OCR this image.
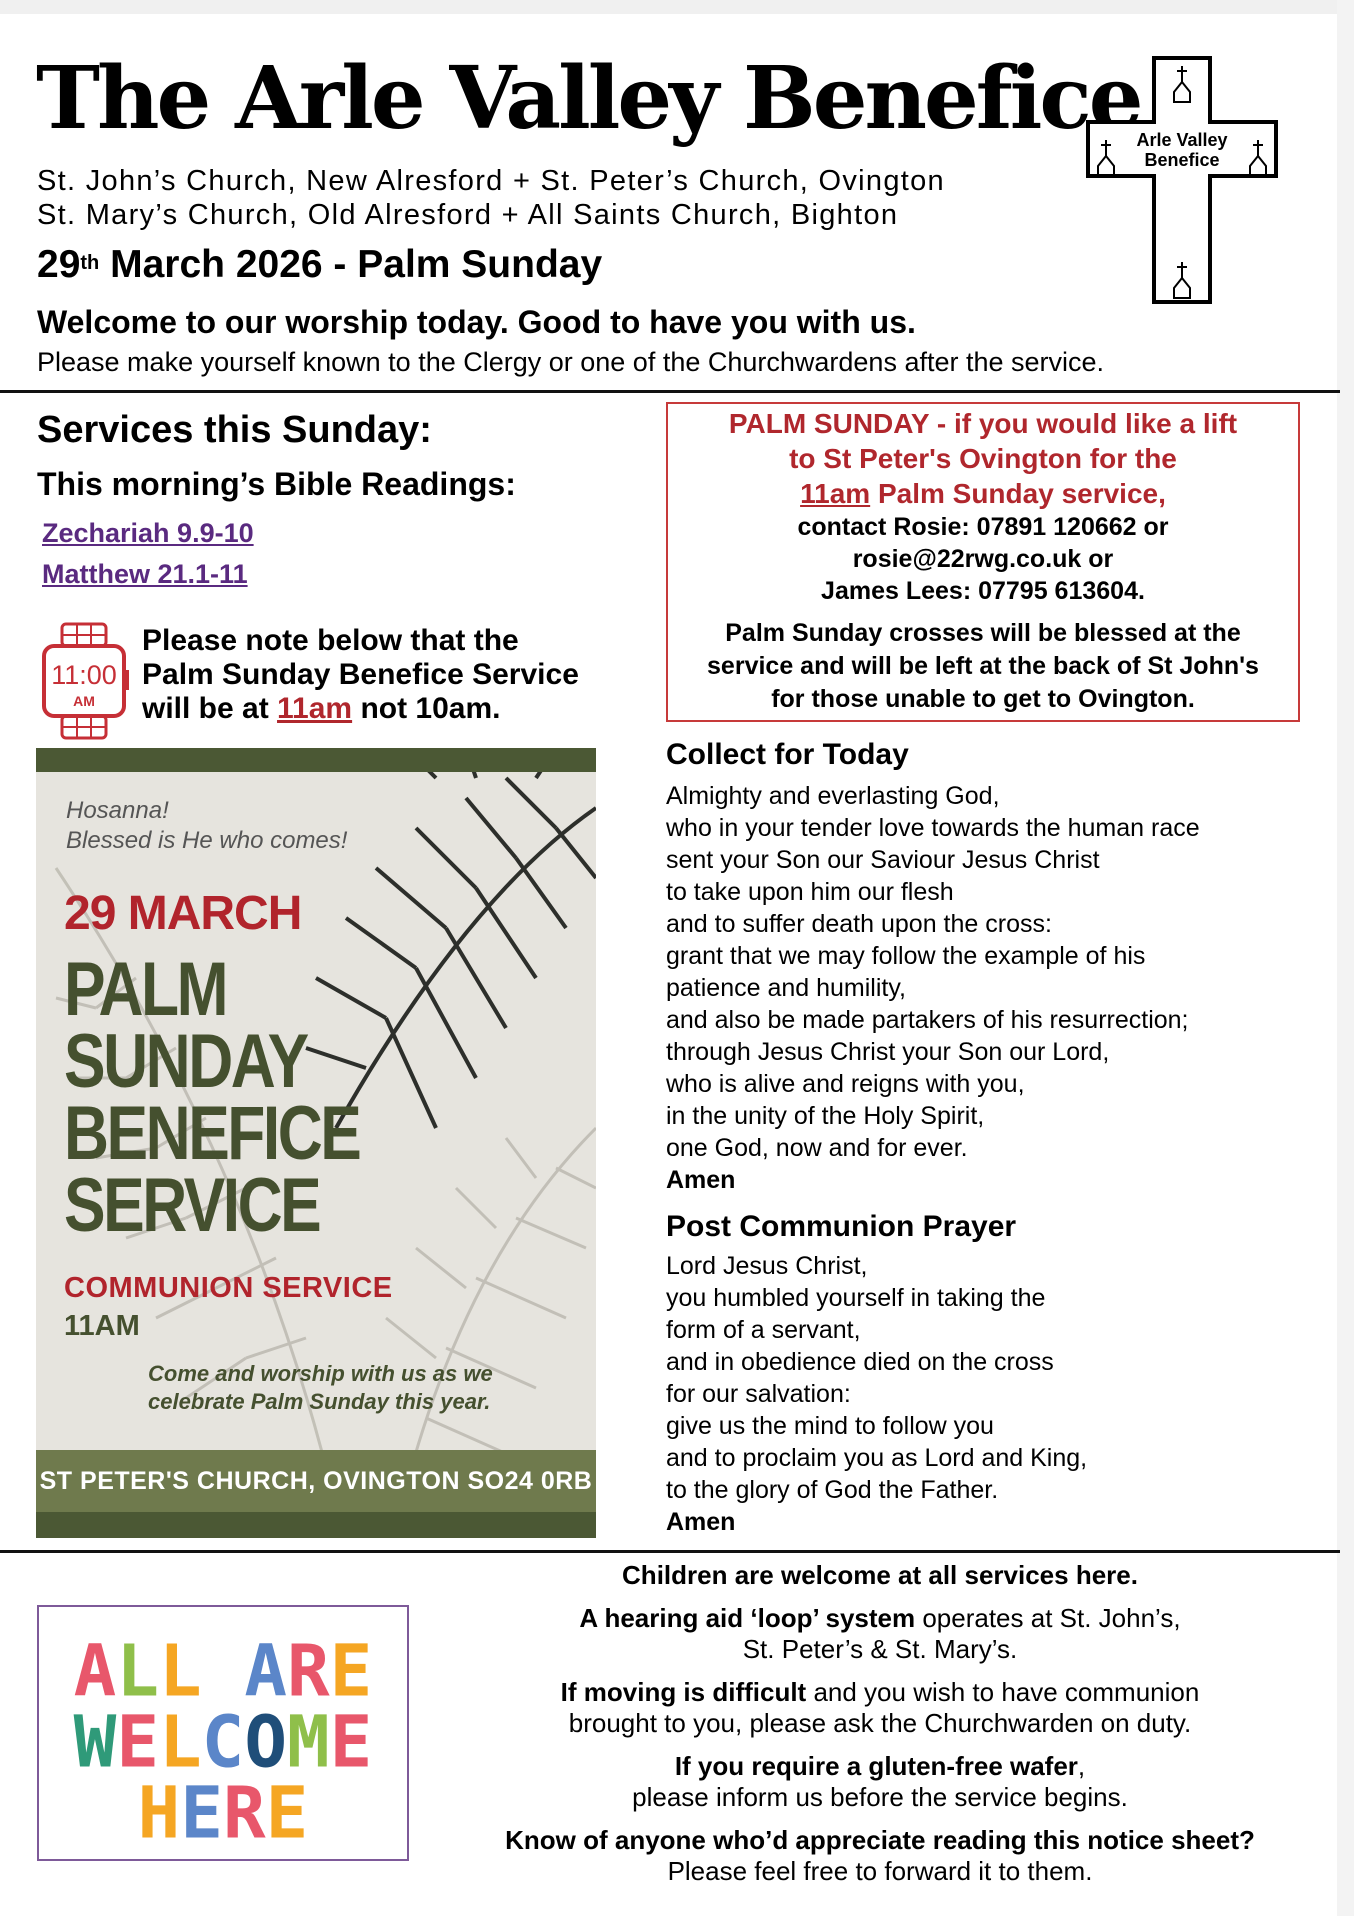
The Arle Valley Benefice
St. John’s Church, New Alresford + St. Peter’s Church, Ovington
St. Mary’s Church, Old Alresford + All Saints Church, Bighton
29th March 2026 - Palm Sunday
Welcome to our worship today. Good to have you with us.
Please make yourself known to the Clergy or one of the Churchwardens after the service.
Arle Valley
Benefice
Services this Sunday:
This morning’s Bible Readings:
Zechariah 9.9-10
Matthew 21.1-11
11:00
AM
Please note below that the
Palm Sunday Benefice Service
will be at 11am not 10am.
Hosanna!
Blessed is He who comes!
29 MARCH
PALM
SUNDAY
BENEFICE
SERVICE
COMMUNION SERVICE
11AM
Come and worship with us as we
celebrate Palm Sunday this year.
ST PETER'S CHURCH, OVINGTON SO24 0RB
PALM SUNDAY - if you would like a lift
to St Peter's Ovington for the
11am Palm Sunday service,
contact Rosie: 07891 120662 or
rosie@22rwg.co.uk or
James Lees: 07795 613604.
Palm Sunday crosses will be blessed at the
service and will be left at the back of St John's
for those unable to get to Ovington.
Collect for Today
Almighty and everlasting God,
who in your tender love towards the human race
sent your Son our Saviour Jesus Christ
to take upon him our flesh
and to suffer death upon the cross:
grant that we may follow the example of his
patience and humility,
and also be made partakers of his resurrection;
through Jesus Christ your Son our Lord,
who is alive and reigns with you,
in the unity of the Holy Spirit,
one God, now and for ever.
Amen
Post Communion Prayer
Lord Jesus Christ,
you humbled yourself in taking the
form of a servant,
and in obedience died on the cross
for our salvation:
give us the mind to follow you
and to proclaim you as Lord and King,
to the glory of God the Father.
Amen
ALL ARE
WELCOME
HERE

Children are welcome at all services here.

A hearing aid ‘loop’ system operates at St. John’s,
St. Peter’s & St. Mary’s.

If moving is difficult and you wish to have communion
brought to you, please ask the Churchwarden on duty.

If you require a gluten-free wafer,
please inform us before the service begins.

Know of anyone who’d appreciate reading this notice sheet?
Please feel free to forward it to them.
